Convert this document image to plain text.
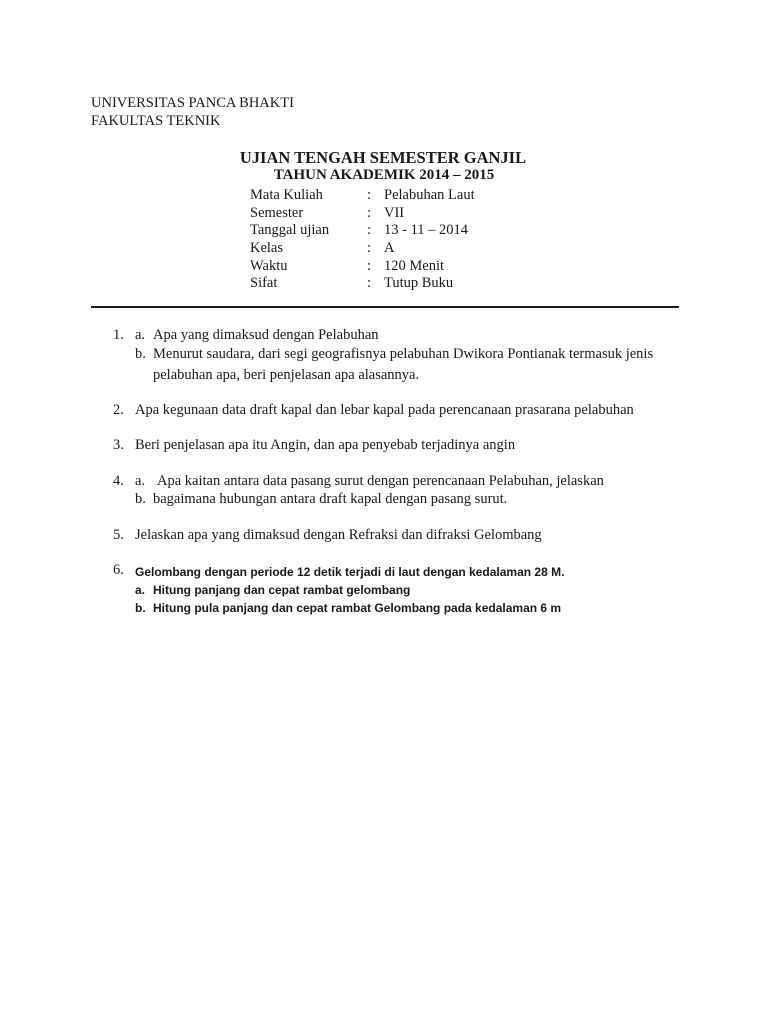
UNIVERSITAS PANCA BHAKTI
FAKULTAS TEKNIK
UJIAN TENGAH SEMESTER GANJIL
TAHUN AKADEMIK 2014 – 2015
Mata Kuliah	: Pelabuhan Laut
Semester	: VII
Tanggal ujian	: 13 - 11 – 2014
Kelas	: A
Waktu	: 120 Menit
Sifat	: Tutup Buku
1. a. Apa yang dimaksud dengan Pelabuhan
b. Menurut saudara, dari segi geografisnya pelabuhan Dwikora Pontianak termasuk jenis
pelabuhan apa, beri penjelasan apa alasannya.
2. Apa kegunaan data draft kapal dan lebar kapal pada perencanaan prasarana pelabuhan
3. Beri penjelasan apa itu Angin, dan apa penyebab terjadinya angin
4. a. Apa kaitan antara data pasang surut dengan perencanaan Pelabuhan, jelaskan
b. bagaimana hubungan antara draft kapal dengan pasang surut.
5. Jelaskan apa yang dimaksud dengan Refraksi dan difraksi Gelombang
6. Gelombang dengan periode 12 detik terjadi di laut dengan kedalaman 28 M.
a. Hitung panjang dan cepat rambat gelombang
b. Hitung pula panjang dan cepat rambat Gelombang pada kedalaman 6 m
